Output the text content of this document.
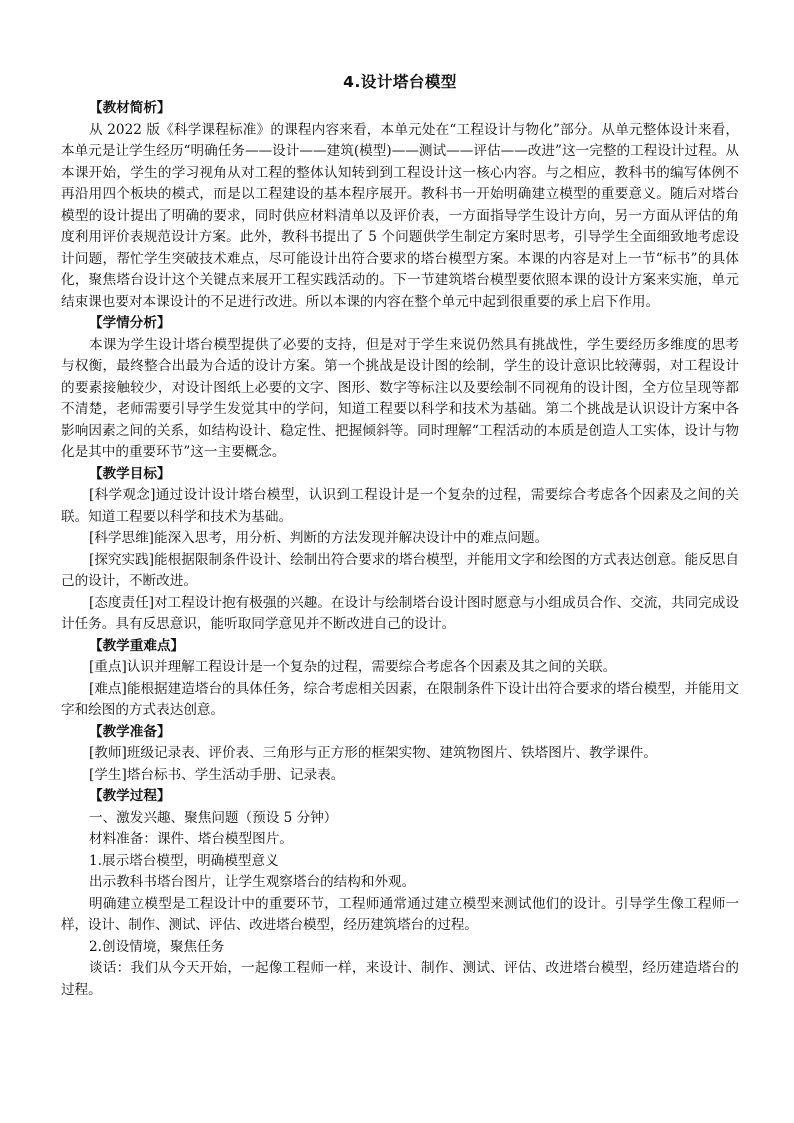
4.设计塔台模型
【教材简析】

从 2022 版《科学课程标准》的课程内容来看，本单元处在“工程设计与物化”部分。从单元整体设计来看，本单元是让学生经历“明确任务——设计——建筑(模型)——测试——评估——改进”这一完整的工程设计过程。从本课开始，学生的学习视角从对工程的整体认知转到到工程设计这一核心内容。与之相应，教科书的编写体例不再沿用四个板块的模式，而是以工程建设的基本程序展开。教科书一开始明确建立模型的重要意义。随后对塔台模型的设计提出了明确的要求，同时供应材料清单以及评价表，一方面指导学生设计方向，另一方面从评估的角度利用评价表规范设计方案。此外，教科书提出了 5 个问题供学生制定方案时思考，引导学生全面细致地考虑设计问题，帮忙学生突破技术难点，尽可能设计出符合要求的塔台模型方案。本课的内容是对上一节“标书”的具体化，聚焦塔台设计这个关键点来展开工程实践活动的。下一节建筑塔台模型要依照本课的设计方案来实施，单元结束课也要对本课设计的不足进行改进。所以本课的内容在整个单元中起到很重要的承上启下作用。

【学情分析】

本课为学生设计塔台模型提供了必要的支持，但是对于学生来说仍然具有挑战性，学生要经历多维度的思考与权衡，最终整合出最为合适的设计方案。第一个挑战是设计图的绘制，学生的设计意识比较薄弱，对工程设计的要素接触较少，对设计图纸上必要的文字、图形、数字等标注以及要绘制不同视角的设计图，全方位呈现等都不清楚，老师需要引导学生发觉其中的学问，知道工程要以科学和技术为基础。第二个挑战是认识设计方案中各影响因素之间的关系，如结构设计、稳定性、把握倾斜等。同时理解“工程活动的本质是创造人工实体，设计与物化是其中的重要环节”这一主要概念。

【教学目标】

[科学观念]通过设计设计塔台模型，认识到工程设计是一个复杂的过程，需要综合考虑各个因素及之间的关联。知道工程要以科学和技术为基础。

[科学思维]能深入思考，用分析、判断的方法发现并解决设计中的难点问题。

[探究实践]能根据限制条件设计、绘制出符合要求的塔台模型，并能用文字和绘图的方式表达创意。能反思自己的设计，不断改进。

[态度责任]对工程设计抱有极强的兴趣。在设计与绘制塔台设计图时愿意与小组成员合作、交流，共同完成设计任务。具有反思意识，能听取同学意见并不断改进自己的设计。

【教学重难点】

[重点]认识并理解工程设计是一个复杂的过程，需要综合考虑各个因素及其之间的关联。

[难点]能根据建造塔台的具体任务，综合考虑相关因素，在限制条件下设计出符合要求的塔台模型，并能用文字和绘图的方式表达创意。

【教学准备】

[教师]班级记录表、评价表、三角形与正方形的框架实物、建筑物图片、铁塔图片、教学课件。

[学生]塔台标书、学生活动手册、记录表。

【教学过程】

一、激发兴趣、聚焦问题（预设 5 分钟）

材料准备：课件、塔台模型图片。

1.展示塔台模型，明确模型意义

出示教科书塔台图片，让学生观察塔台的结构和外观。

明确建立模型是工程设计中的重要环节，工程师通常通过建立模型来测试他们的设计。引导学生像工程师一样，设计、制作、测试、评估、改进塔台模型，经历建筑塔台的过程。

2.创设情境，聚焦任务

谈话：我们从今天开始，一起像工程师一样，来设计、制作、测试、评估、改进塔台模型，经历建造塔台的过程。
